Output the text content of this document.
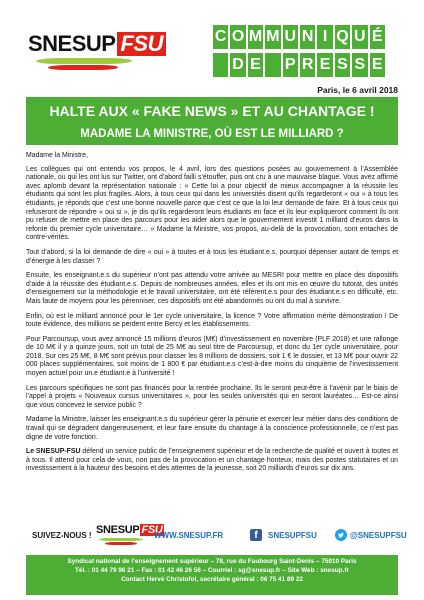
SNESUP FSU	C O M M U N I Q U É
D E P R E S S E
Paris, le 6 avril 2018
HALTE AUX « FAKE NEWS » ET AU CHANTAGE !
MADAME LA MINISTRE, OÙ EST LE MILLIARD ?

Madame la Ministre,

Les collègues qui ont entendu vos propos, le 4 avril, lors des questions posées au gouvernement à l’Assemblée nationale, ou qui les ont lus sur Twitter, ont d’abord failli s’étouffer, puis ont cru à une mauvaise blague. Vous avez affirmé avec aplomb devant la représentation nationale : « Cette loi a pour objectif de mieux accompagner à la réussite les étudiants qui sont les plus fragiles. Alors, à tous ceux qui dans les universités disent qu’ils regarderont « oui » à tous les étudiants, je réponds que c’est une bonne nouvelle parce que c’est ce que la loi leur demande de faire. Et à tous ceux qui refuseront de répondre « oui si », je dis qu’ils regarderont leurs étudiants en face et ils leur expliqueront comment ils ont pu refuser de mettre en place des parcours pour les aider alors que le gouvernement investit 1 milliard d’euros dans la refonte du premier cycle universitaire… » Madame la Ministre, vos propos, au-delà de la provocation, sont entachés de contre-vérités.

Tout d’abord, si la loi demande de dire « oui » à toutes et à tous les étudiant.e.s, pourquoi dépenser autant de temps et d’énergie à les classer ?

Ensuite, les enseignant.e.s du supérieur n’ont pas attendu votre arrivée au MESRI pour mettre en place des dispositifs d’aide à la réussite des étudiant.e.s. Depuis de nombreuses années, elles et ils ont mis en œuvre du tutorat, des unités d’enseignement sur la méthodologie et le travail universitaire, ont été référent.e.s pour des étudiant.e.s en difficulté, etc. Mais faute de moyens pour les pérenniser, ces dispositifs ont été abandonnés ou ont du mal à survivre.

Enfin, où est le milliard annoncé pour le 1er cycle universitaire, la licence ? Votre affirmation mérite démonstration ! De toute évidence, des millions se perdent entre Bercy et les établissements.

Pour Parcoursup, vous avez annoncé 15 millions d’euros (M€) d’investissement en novembre (PLF 2018) et une rallonge de 10 M€ il y a quinze jours, soit un total de 25 M€ au seul titre de Parcoursup, et donc du 1er cycle universitaire, pour 2018. Sur ces 25 M€, 8 M€ sont prévus pour classer les 8 millions de dossiers, soit 1 € le dossier, et 13 M€ pour ouvrir 22 000 places supplémentaires, soit moins de 1 800 € par étudiant.e.s c’est-à-dire moins du cinquième de l’investissement moyen actuel pour un.e étudiant.e à l’université !

Les parcours spécifiques ne sont pas financés pour la rentrée prochaine. Ils le seront peut-être à l’avenir par le biais de l’appel à projets « Nouveaux cursus universitaires », pour les seules universités qui en seront lauréates… Est-ce ainsi que vous concevez le service public ?

Madame la Ministre, laisser les enseignant.e.s du supérieur gérer la pénurie et exercer leur métier dans des conditions de travail qui se dégradent dangereusement, et leur faire ensuite du chantage à la conscience professionnelle, ce n’est pas digne de votre fonction.

Le SNESUP-FSU défend un service public de l’enseignement supérieur et de la recherche de qualité et ouvert à toutes et à tous. Il attend pour cela de vous, non pas de la provocation et un chantage honteux, mais des postes statutaires et un investissement à la hauteur des besoins et des attentes de la jeunesse, soit 20 milliards d’euros sur dix ans.

SUIVEZ-NOUS ! SNESUP FSU
WWW.SNESUP.FR	f	SNESUPFSU	@SNESUPFSU
Syndicat national de l’enseignement supérieur – 78, rue du Faubourg Saint-Denis – 75010 Paris
Tél. : 01 44 79 96 21 – Fax : 01 42 46 26 56 – Courriel : sg@snesup.fr – Site Web : snesup.fr
Contact Hervé Christofol, secrétaire général : 06 75 41 89 22
